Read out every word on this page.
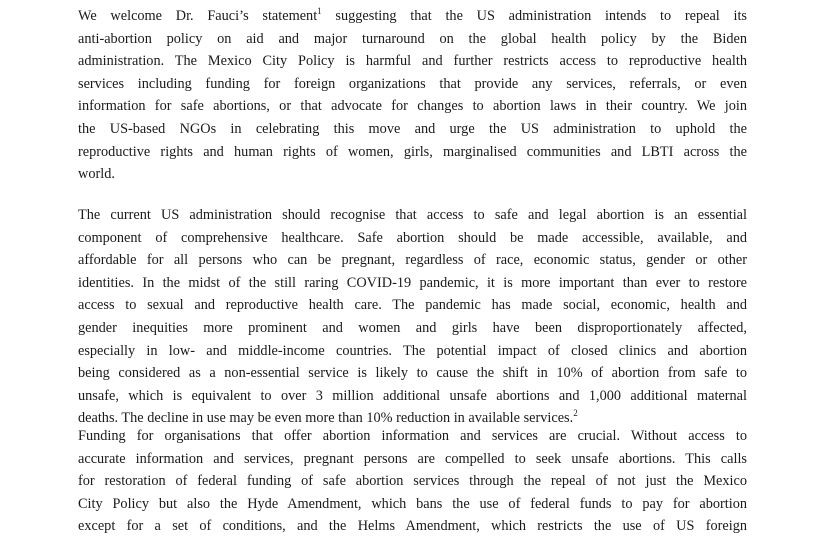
We welcome Dr. Fauci’s statement$^1$ suggesting that the US administration intends to repeal its
anti-abortion policy on aid and major turnaround on the global health policy by the Biden
administration. The Mexico City Policy is harmful and further restricts access to reproductive health
services including funding for foreign organizations that provide any services, referrals, or even
information for safe abortions, or that advocate for changes to abortion laws in their country. We join
the US-based NGOs in celebrating this move and urge the US administration to uphold the
reproductive rights and human rights of women, girls, marginalised communities and LBTI across the
world.
The current US administration should recognise that access to safe and legal abortion is an essential
component of comprehensive healthcare. Safe abortion should be made accessible, available, and
affordable for all persons who can be pregnant, regardless of race, economic status, gender or other
identities. In the midst of the still raring COVID-19 pandemic, it is more important than ever to restore
access to sexual and reproductive health care. The pandemic has made social, economic, health and
gender inequities more prominent and women and girls have been disproportionately affected,
especially in low- and middle-income countries. The potential impact of closed clinics and abortion
being considered as a non-essential service is likely to cause the shift in 10% of abortion from safe to
unsafe, which is equivalent to over 3 million additional unsafe abortions and 1,000 additional maternal
deaths. The decline in use may be even more than 10% reduction in available services.$^2$
Funding for organisations that offer abortion information and services are crucial. Without access to
accurate information and services, pregnant persons are compelled to seek unsafe abortions. This calls
for restoration of federal funding of safe abortion services through the repeal of not just the Mexico
City Policy but also the Hyde Amendment, which bans the use of federal funds to pay for abortion
except for a set of conditions, and the Helms Amendment, which restricts the use of US foreign
